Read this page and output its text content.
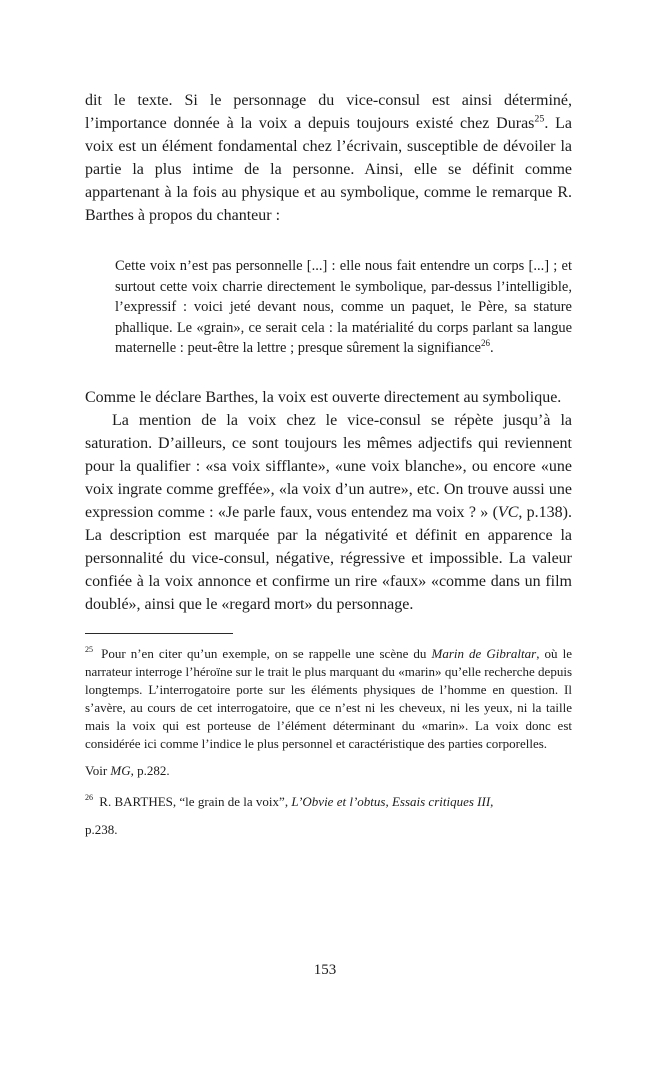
dit le texte. Si le personnage du vice-consul est ainsi déterminé, l’importance donnée à la voix a depuis toujours existé chez Duras$^{25}$. La voix est un élément fondamental chez l’écrivain, susceptible de dévoiler la partie la plus intime de la personne. Ainsi, elle se définit comme appartenant à la fois au physique et au symbolique, comme le remarque R. Barthes à propos du chanteur :

Cette voix n’est pas personnelle [...] : elle nous fait entendre un corps [...] ; et surtout cette voix charrie directement le symbolique, par-dessus l’intelligible, l’expressif : voici jeté devant nous, comme un paquet, le Père, sa stature phallique. Le «grain», ce serait cela : la matérialité du corps parlant sa langue maternelle : peut-être la lettre ; presque sûrement la signifiance$^{26}$.

Comme le déclare Barthes, la voix est ouverte directement au symbolique.

La mention de la voix chez le vice-consul se répète jusqu’à la saturation. D’ailleurs, ce sont toujours les mêmes adjectifs qui reviennent pour la qualifier : «sa voix sifflante», «une voix blanche», ou encore «une voix ingrate comme greffée», «la voix d’un autre», etc. On trouve aussi une expression comme : «Je parle faux, vous entendez ma voix ? » (VC, p.138). La description est marquée par la négativité et définit en apparence la personnalité du vice-consul, négative, régressive et impossible. La valeur confiée à la voix annonce et confirme un rire «faux» «comme dans un film doublé», ainsi que le «regard mort» du personnage.

$^{25}$ Pour n’en citer qu’un exemple, on se rappelle une scène du Marin de Gibraltar, où le narrateur interroge l’héroïne sur le trait le plus marquant du «marin» qu’elle recherche depuis longtemps. L’interrogatoire porte sur les éléments physiques de l’homme en question. Il s’avère, au cours de cet interrogatoire, que ce n’est ni les cheveux, ni les yeux, ni la taille mais la voix qui est porteuse de l’élément déterminant du «marin». La voix donc est considérée ici comme l’indice le plus personnel et caractéristique des parties corporelles.

Voir MG, p.282.

$^{26}$ R. BARTHES, “le grain de la voix”, L’Obvie et l’obtus, Essais critiques III,

p.238.

153
